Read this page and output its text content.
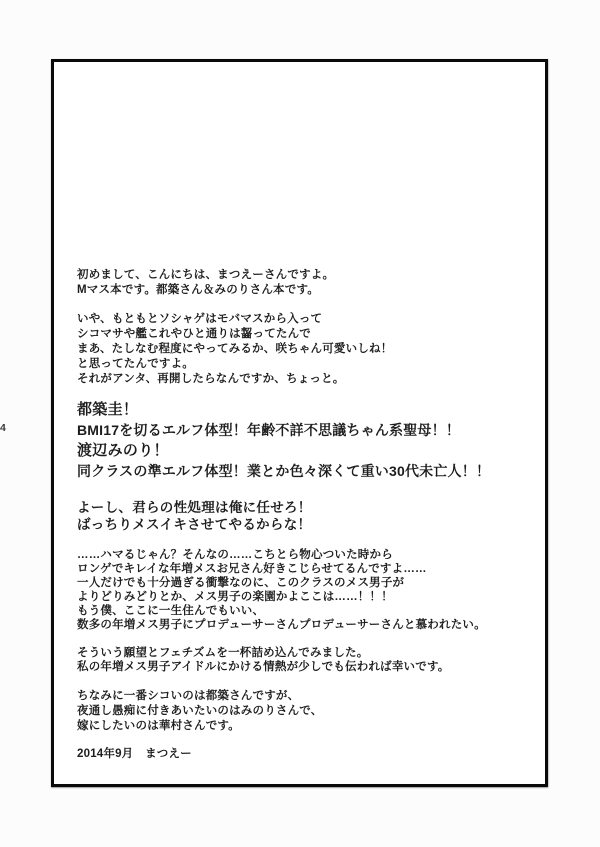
4

初めまして、こんにちは、まつえーさんですよ。

Mマス本です。都築さん＆みのりさん本です。

いや、もともとソシャゲはモバマスから入って

シコマサや艦これやひと通りは齧ってたんで

まあ、たしなむ程度にやってみるか、咲ちゃん可愛いしね！

と思ってたんですよ。

それがアンタ、再開したらなんですか、ちょっと。

都築圭！

BMI17を切るエルフ体型！年齢不詳不思議ちゃん系聖母！！

渡辺みのり！

同クラスの準エルフ体型！業とか色々深くて重い30代未亡人！！

よーし、君らの性処理は俺に任せろ！

ばっちりメスイキさせてやるからな！

……ハマるじゃん？そんなの……こちとら物心ついた時から

ロンゲでキレイな年増メスお兄さん好きこじらせてるんですよ……

一人だけでも十分過ぎる衝撃なのに、このクラスのメス男子が

よりどりみどりとか、メス男子の楽園かよここは……！！！

もう僕、ここに一生住んでもいい、

数多の年増メス男子にプロデューサーさんプロデューサーさんと慕われたい。

そういう願望とフェチズムを一杯詰め込んでみました。

私の年増メス男子アイドルにかける情熱が少しでも伝われば幸いです。

ちなみに一番シコいのは都築さんですが、

夜通し愚痴に付きあいたいのはみのりさんで、

嫁にしたいのは華村さんです。

2014年9月　まつえー
